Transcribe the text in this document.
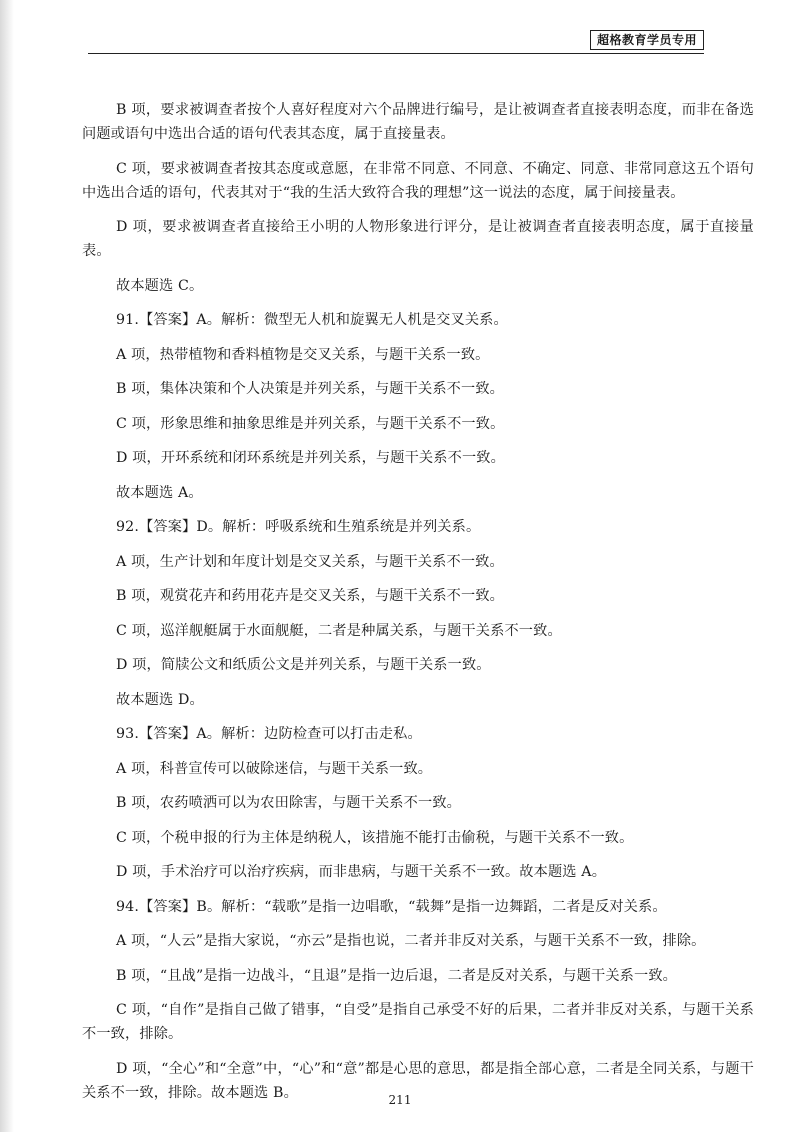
超格教育学员专用

B 项，要求被调查者按个人喜好程度对六个品牌进行编号，是让被调查者直接表明态度，而非在备选问题或语句中选出合适的语句代表其态度，属于直接量表。

C 项，要求被调查者按其态度或意愿，在非常不同意、不同意、不确定、同意、非常同意这五个语句中选出合适的语句，代表其对于“我的生活大致符合我的理想”这一说法的态度，属于间接量表。

D 项，要求被调查者直接给王小明的人物形象进行评分，是让被调查者直接表明态度，属于直接量表。

故本题选 C。

91.【答案】A。解析：微型无人机和旋翼无人机是交叉关系。

A 项，热带植物和香料植物是交叉关系，与题干关系一致。

B 项，集体决策和个人决策是并列关系，与题干关系不一致。

C 项，形象思维和抽象思维是并列关系，与题干关系不一致。

D 项，开环系统和闭环系统是并列关系，与题干关系不一致。

故本题选 A。

92.【答案】D。解析：呼吸系统和生殖系统是并列关系。

A 项，生产计划和年度计划是交叉关系，与题干关系不一致。

B 项，观赏花卉和药用花卉是交叉关系，与题干关系不一致。

C 项，巡洋舰艇属于水面舰艇，二者是种属关系，与题干关系不一致。

D 项，简牍公文和纸质公文是并列关系，与题干关系一致。

故本题选 D。

93.【答案】A。解析：边防检查可以打击走私。

A 项，科普宣传可以破除迷信，与题干关系一致。

B 项，农药喷洒可以为农田除害，与题干关系不一致。

C 项，个税申报的行为主体是纳税人，该措施不能打击偷税，与题干关系不一致。

D 项，手术治疗可以治疗疾病，而非患病，与题干关系不一致。故本题选 A。

94.【答案】B。解析：“载歌”是指一边唱歌，“载舞”是指一边舞蹈，二者是反对关系。

A 项，“人云”是指大家说，“亦云”是指也说，二者并非反对关系，与题干关系不一致，排除。

B 项，“且战”是指一边战斗，“且退”是指一边后退，二者是反对关系，与题干关系一致。

C 项，“自作”是指自己做了错事，“自受”是指自己承受不好的后果，二者并非反对关系，与题干关系不一致，排除。

D 项，“全心”和“全意”中，“心”和“意”都是心思的意思，都是指全部心意，二者是全同关系，与题干关系不一致，排除。故本题选 B。	211
